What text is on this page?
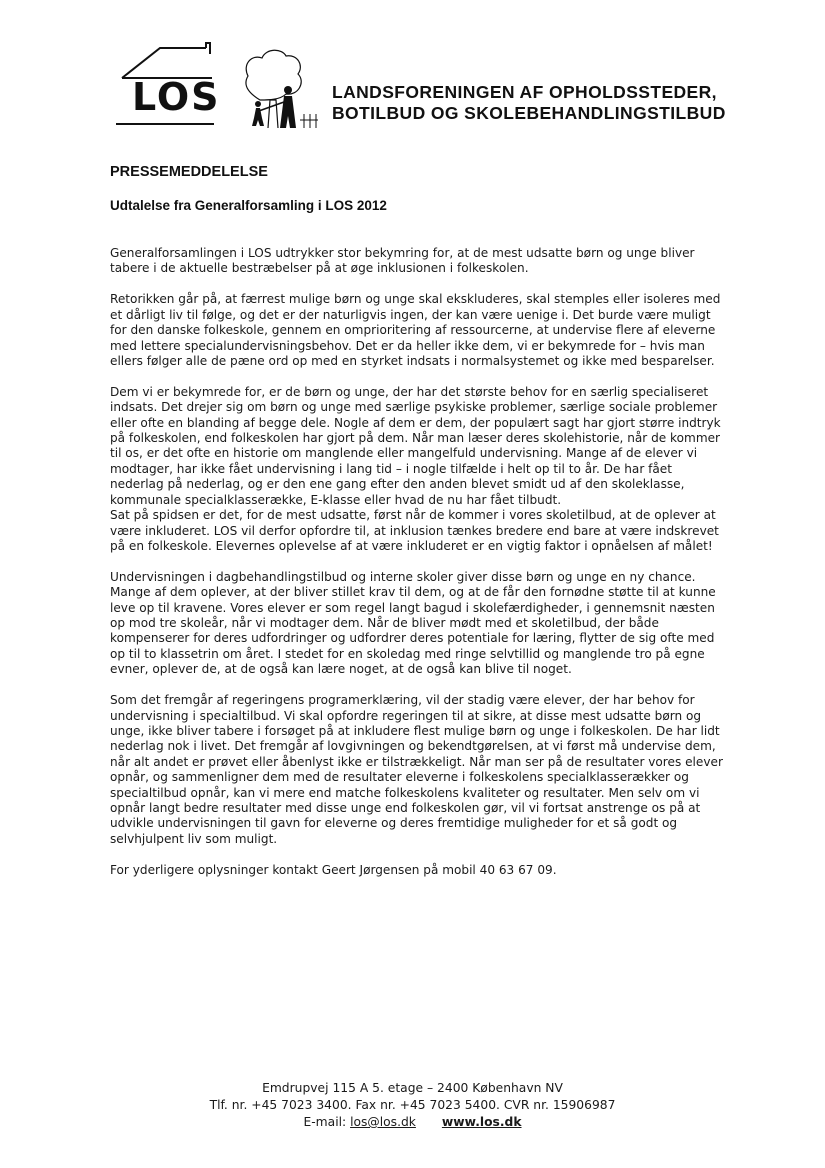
LOS	LANDSFORENINGEN AF OPHOLDSSTEDER,
BOTILBUD OG SKOLEBEHANDLINGSTILBUD
PRESSEMEDDELELSE
Udtalelse fra Generalforsamling i LOS 2012

Generalforsamlingen i LOS udtrykker stor bekymring for, at de mest udsatte børn og unge bliver tabere i de aktuelle bestræbelser på at øge inklusionen i folkeskolen.

Retorikken går på, at færrest mulige børn og unge skal ekskluderes, skal stemples eller isoleres med et dårligt liv til følge, og det er der naturligvis ingen, der kan være uenige i. Det burde være muligt for den danske folkeskole, gennem en omprioritering af ressourcerne, at undervise flere af eleverne med lettere specialundervisningsbehov. Det er da heller ikke dem, vi er bekymrede for – hvis man ellers følger alle de pæne ord op med en styrket indsats i normalsystemet og ikke med besparelser.

Dem vi er bekymrede for, er de børn og unge, der har det største behov for en særlig specialiseret indsats. Det drejer sig om børn og unge med særlige psykiske problemer, særlige sociale problemer eller ofte en blanding af begge dele. Nogle af dem er dem, der populært sagt har gjort større indtryk på folkeskolen, end folkeskolen har gjort på dem. Når man læser deres skolehistorie, når de kommer til os, er det ofte en historie om manglende eller mangelfuld undervisning. Mange af de elever vi modtager, har ikke fået undervisning i lang tid – i nogle tilfælde i helt op til to år. De har fået nederlag på nederlag, og er den ene gang efter den anden blevet smidt ud af den skoleklasse, kommunale specialklasserække, E-klasse eller hvad de nu har fået tilbudt.

Sat på spidsen er det, for de mest udsatte, først når de kommer i vores skoletilbud, at de oplever at være inkluderet. LOS vil derfor opfordre til, at inklusion tænkes bredere end bare at være indskrevet på en folkeskole. Elevernes oplevelse af at være inkluderet er en vigtig faktor i opnåelsen af målet!

Undervisningen i dagbehandlingstilbud og interne skoler giver disse børn og unge en ny chance. Mange af dem oplever, at der bliver stillet krav til dem, og at de får den fornødne støtte til at kunne leve op til kravene. Vores elever er som regel langt bagud i skolefærdigheder, i gennemsnit næsten op mod tre skoleår, når vi modtager dem. Når de bliver mødt med et skoletilbud, der både kompenserer for deres udfordringer og udfordrer deres potentiale for læring, flytter de sig ofte med op til to klassetrin om året. I stedet for en skoledag med ringe selvtillid og manglende tro på egne evner, oplever de, at de også kan lære noget, at de også kan blive til noget.

Som det fremgår af regeringens programerklæring, vil der stadig være elever, der har behov for undervisning i specialtilbud. Vi skal opfordre regeringen til at sikre, at disse mest udsatte børn og unge, ikke bliver tabere i forsøget på at inkludere flest mulige børn og unge i folkeskolen. De har lidt nederlag nok i livet. Det fremgår af lovgivningen og bekendtgørelsen, at vi først må undervise dem, når alt andet er prøvet eller åbenlyst ikke er tilstrækkeligt. Når man ser på de resultater vores elever opnår, og sammenligner dem med de resultater eleverne i folkeskolens specialklasserækker og specialtilbud opnår, kan vi mere end matche folkeskolens kvaliteter og resultater. Men selv om vi opnår langt bedre resultater med disse unge end folkeskolen gør, vil vi fortsat anstrenge os på at udvikle undervisningen til gavn for eleverne og deres fremtidige muligheder for et så godt og selvhjulpent liv som muligt.

For yderligere oplysninger kontakt Geert Jørgensen på mobil 40 63 67 09.

Emdrupvej 115 A 5. etage – 2400 København NV
Tlf. nr. +45 7023 3400. Fax nr. +45 7023 5400. CVR nr. 15906987
E-mail: los@los.dk www.los.dk
